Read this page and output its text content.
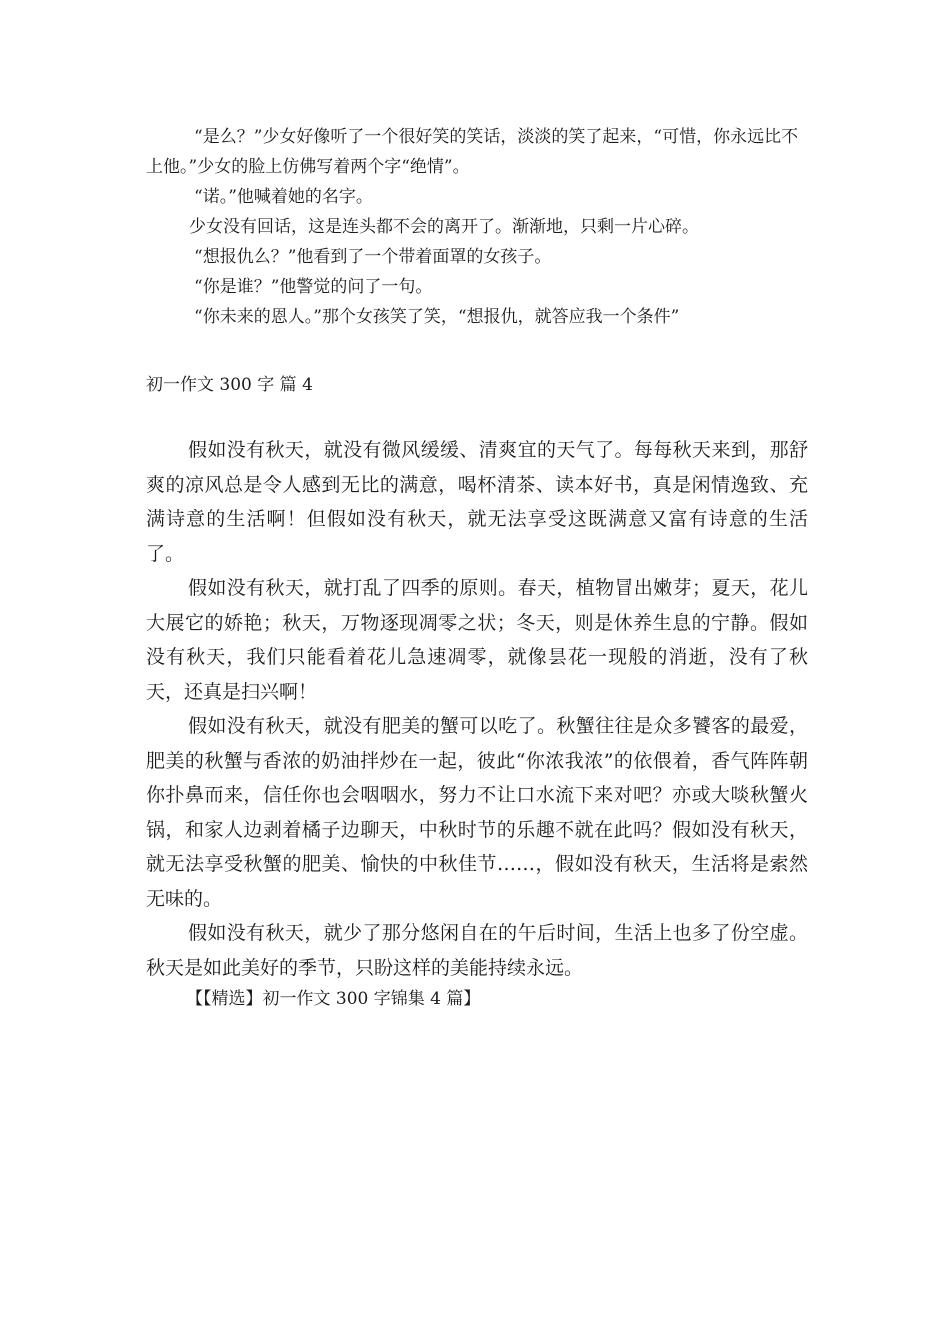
“是么？”少女好像听了一个很好笑的笑话，淡淡的笑了起来，“可惜，你永远比不上他。”少女的脸上仿佛写着两个字“绝情”。

“诺。”他喊着她的名字。

少女没有回话，这是连头都不会的离开了。渐渐地，只剩一片心碎。

“想报仇么？”他看到了一个带着面罩的女孩子。

“你是谁？”他警觉的问了一句。

“你未来的恩人。”那个女孩笑了笑，“想报仇，就答应我一个条件”

初一作文 300 字 篇 4

假如没有秋天，就没有微风缓缓、清爽宜的天气了。每每秋天来到，那舒爽的凉风总是令人感到无比的满意，喝杯清茶、读本好书，真是闲情逸致、充满诗意的生活啊！但假如没有秋天，就无法享受这既满意又富有诗意的生活了。

假如没有秋天，就打乱了四季的原则。春天，植物冒出嫩芽；夏天，花儿大展它的娇艳；秋天，万物逐现凋零之状；冬天，则是休养生息的宁静。假如没有秋天，我们只能看着花儿急速凋零，就像昙花一现般的消逝，没有了秋天，还真是扫兴啊！

假如没有秋天，就没有肥美的蟹可以吃了。秋蟹往往是众多饕客的最爱，肥美的秋蟹与香浓的奶油拌炒在一起，彼此“你浓我浓”的依偎着，香气阵阵朝你扑鼻而来，信任你也会咽咽水，努力不让口水流下来对吧？亦或大啖秋蟹火锅，和家人边剥着橘子边聊天，中秋时节的乐趣不就在此吗？假如没有秋天，就无法享受秋蟹的肥美、愉快的中秋佳节……，假如没有秋天，生活将是索然无味的。

假如没有秋天，就少了那分悠闲自在的午后时间，生活上也多了份空虚。秋天是如此美好的季节，只盼这样的美能持续永远。

【【精选】初一作文 300 字锦集 4 篇】
